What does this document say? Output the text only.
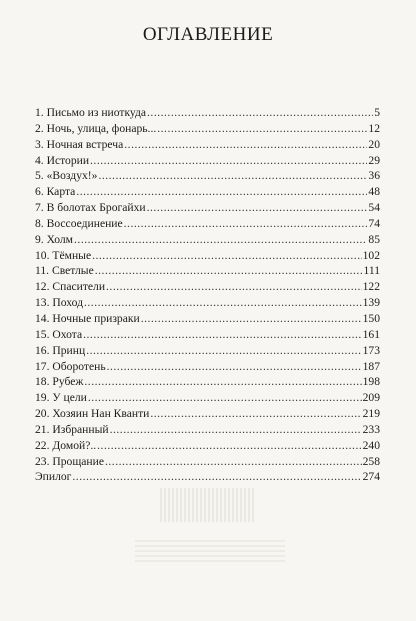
ОГЛАВЛЕНИЕ
1. Письмо из ниоткуда .....	5
2. Ночь, улица, фонарь... .....	12
3. Ночная встреча .....	20
4. Истории .....	29
5. «Воздух!» .....	36
6. Карта .....	48
7. В болотах Брогайхи .....	54
8. Воссоединение .....	74
9. Холм .....	85
10. Тёмные .....	102
11. Светлые .....	111
12. Спасители .....	122
13. Поход .....	139
14. Ночные призраки .....	150
15. Охота .....	161
16. Принц .....	173
17. Оборотень .....	187
18. Рубеж .....	198
19. У цели .....	209
20. Хозяин Нан Кванти .....	219
21. Избранный .....	233
22. Домой?.. .....	240
23. Прощание .....	258
Эпилог .....	274
